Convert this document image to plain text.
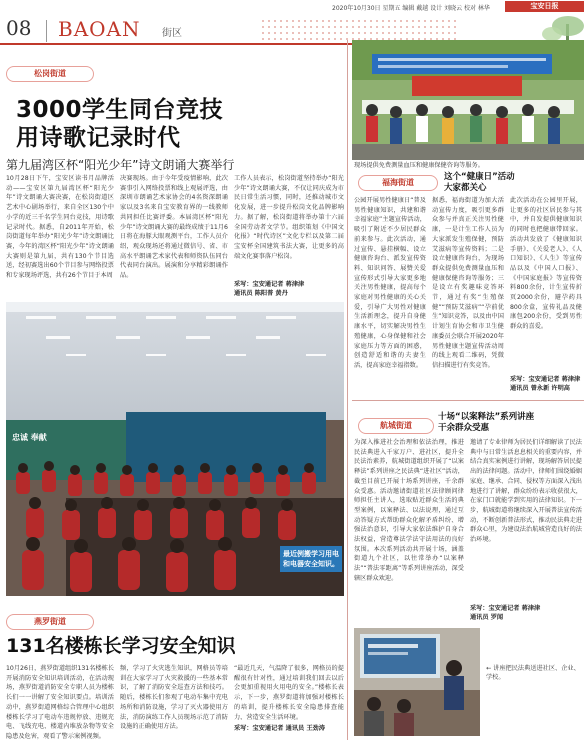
2020年10月30日 星期五 编辑 戴越 设计 刘晓云 校对 林华	宝安日报
08 BAOAN 街区
松岗街道
3000学生同台竞技
用诗歌记录时代
第九届湾区杯“阳光少年”诗文朗诵大赛举行
10月28日下午，宝安区读书月品牌活动——宝安区第九届湾区杯“阳光少年”诗文朗诵大赛决赛，在松岗街道区艺术中心剧场举行，来自全区130个中小学的近三千名学生同台竞技，用诗歌记录时代。据悉，自2011年开始，松岗街道每年举办“阳光少年”诗文朗诵比赛，今年的湾区杯“阳光少年”诗文朗诵大赛则是第九届，共有130个节目选送，经初赛选出60个节目参与网络投票和专家现场评选，共有26个节目于本周
决赛现场。由于今年受疫情影响，此次赛事引入网络投票和线上观展评选，由深圳市朗诵艺术家协会的4名资深朗诵家以及3名来自宝安教育界的一线教师共同担任比赛评委。本届湾区杯“阳光少年”诗文朗诵大赛的最终成绩于11月6日将在海豚大眼观测平台，工作人员介绍，观众现场还将通过微信号、省、市高水平朗诵艺术家代表和师资队伍同台代表同台演出。展演和分享精彩朗诵作品。
工作人员表示，松岗街道坚持举办“阳光少年”诗文朗诵大赛，不仅让同庆成为市民日常生活习惯，同时，还推动城市文化发展，进一步提升松岗文化品牌影响力。据了解，松岗街道将举办第十六届全国劳动者文学节。组织策划《中国文化报》“时代诗区”文化专栏以及第二届宝安杯全国建筑书法大赛，让更多的高端文化赛事落户松岗。
采写：宝安通记者 蒋津津
通讯员 陈阳普 黄丹
忠诚 奉献
最近例搬学习用电和电器安全知识。
现场提供免费测量血压和健康保健咨询等服务。
福海街道
这个“健康日”活动
大家都关心
公园开展男性健康日“普及男性健康知识，共建和谐幸福家庭”主题宣传活动，吸引了附近不少居民群众前来参与。此次活动，通过宣传、悬挂横幅、设立健康咨询台、派发宣传资料、知识问答、展赞关爱宣传形式引导大家更多地关注男性健康，提高每个家庭对男性健康的关心关爱，引导广大男性对健康生活新理念，提升自身健康水平，切实解决男性生殖健康，心身保健和社会家庭压力等方面的困惑，创造舒适和谐的夫妻生活，提高家庭幸福指数。
据悉，福海街道为加大活动宣传力度，吸引更多群众参与并真正关注男性健康，一是计生工作人员为大家派发生殖保健，预防艾滋病等宣传资料；二是设立健康咨询台，为现场群众提供免费测量血压和健康保健咨询等服务；三是设立有奖趣味竞答环节，通过有奖“生殖保健”“预防艾滋病”“孕前优生”知识竞答，以及由中国计划生育协会和市卫生健康委员会联合开展2020年男性健康主题宣传活动周的线上观看二维码，凭微信扫描进行有奖竞答。
此次活动在公园里开展，让更多的社区居民参与其中，并自发提供健康知识的同时也把健康带回家。活动共发放了《健康知识手册》、《关爱老人》、《人口知识》、《人生》等宣传品以及《中国人口报》、《中国家庭报》等宣传资料800余份，计生宣传折页2000余份，避孕药具800余盒，宣传礼品及健康包200余份，受到男性群众的喜爱。
采写：宝安通记者 蒋津津
通讯员 曾永新 许明高
航城街道
十场“以案释法”系列讲座
干余群众受惠
为深入推进社会治理和依法治理，推进民法典进入千家万户、进社区，提升全民法治素养，航城街道组织开展了“以案释法”系列讲座之民法典“进社区”活动，截至目前已开展十场系列讲座，千余群众受惠。活动邀请街道社区法律顾问律师担任主讲人，选取贴近群众生活的典型案例，以案释法、以法说理，通过互动答疑方式帮助群众化解矛盾纠纷、增强法治意识，引导大家依法维护自身合法权益，营造尊法学法守法用法的良好氛围。本次系列活动共开展十场，涵盖街道九个社区，以往常举办“以案释法”“普法零距离”等系列讲座活动，深受辖区群众欢迎。
邀请了专业律师为居民们详细解读了民法典中与日常生活息息相关的重要内容，并结合真实案例进行讲解，现场解答居民提出的法律问题。活动中，律师们围绕婚姻家庭、继承、合同、侵权等方面深入浅出地进行了讲解，群众纷纷表示收获很大，在家门口就能学到实用的法律知识。下一步，航城街道将继续深入开展普法宣传活动，不断创新普法形式，推动民法典走进群众心里，为建设法治航城营造良好的法治环境。
采写：宝安通记者 蒋津津
通讯员 罗闻
← 讲座把民法典送进社区、企业、学校。
燕罗街道
131名楼栋长学习安全知识
10月26日，燕罗街道组织131名楼栋长开展消防安全知识培训活动，在活动现场，燕罗街道消防安全专职人员为楼栋长们一一讲解了安全知识要点。培训活动中，燕罗街道网格综合管理中心组织楼栋长学习了电动车违规停放、违规充电、飞线充电、楼道内堆放杂物等安全隐患及危害，观看了警示案例视频。
频，学习了火灾逃生知识，网格员等培训在大家学习了火灾救援的一些基本常识，了解了消防安全巡查方法和技巧。随后，楼栋长们参观了电动车集中充电场所和消防设施，学习了灭火器使用方法，消防演练工作人员现场示范了消防设施的正确使用方法。
“最近几天，气温降了很多，网格员的提醒很有针对性，通过培训我们回去以后会更加重视用火用电的安全。”楼栋长表示，下一步，燕罗街道将加强对楼栋长的培训，提升楼栋长安全隐患排查能力，营造安全生活环境。
采写：宝安通记者 通讯员 王劲涛
